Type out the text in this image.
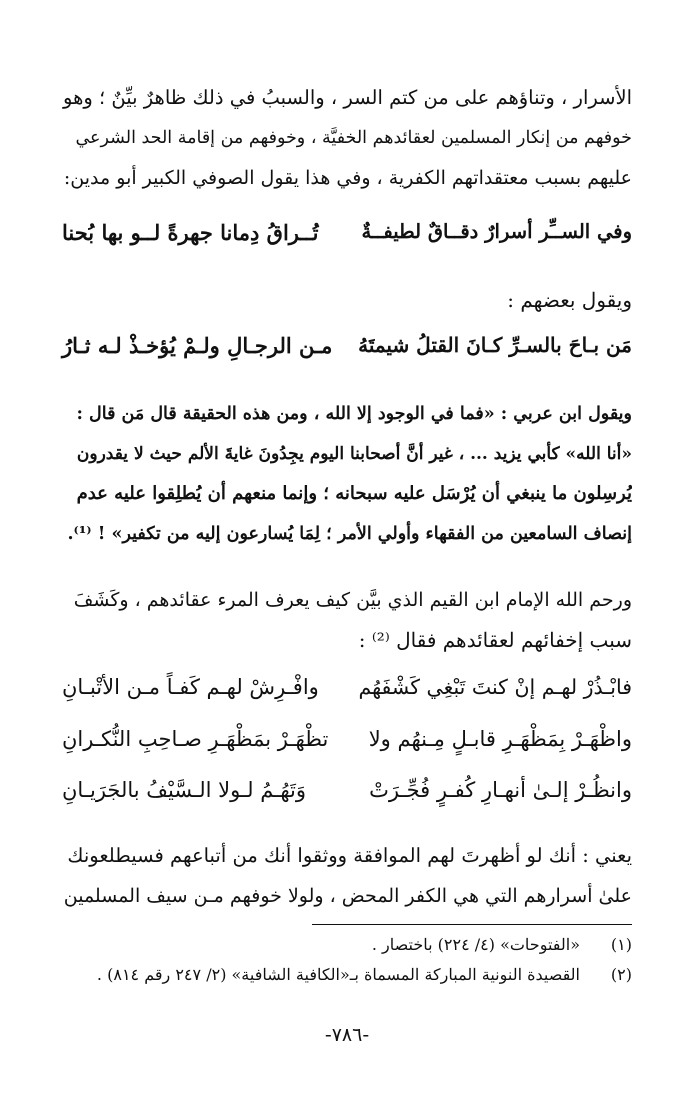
الأسرار ، وتناؤهم على من كتم السر ، والسببُ في ذلك ظاهرٌ بيِّنٌ ؛ وهو
خوفهم من إنكار المسلمين لعقائدهم الخفيَّة ، وخوفهم من إقامة الحد الشرعي
عليهم بسبب معتقداتهم الكفرية ، وفي هذا يقول الصوفي الكبير أبو مدين:
وفي الســِّر أسرارٌ دقــاقٌ لطيفــةٌ
تُــراقُ دِمانا جهرةً لــو بها بُحنا
ويقول بعضهم :
مَن بـاحَ بالسـرِّ كـانَ القتلُ شيمتَهُ
مـن الرجـالِ ولـمْ يُؤخـذْ لـه ثـارُ
ويقول ابن عربي : «فما في الوجود إلا الله ، ومن هذه الحقيقة قال مَن قال :
«أنا الله» كأبي يزيد ... ، غير أنَّ أصحابنا اليوم يجِدُونَ غايةَ الألم حيث لا يقدرون
يُرسِلون ما ينبغي أن يُرْسَل عليه سبحانه ؛ وإنما منعهم أن يُطلِقوا عليه عدم
إنصاف السامعين من الفقهاء وأولي الأمر ؛ لِمَا يُسارعون إليه من تكفير» ! ⁽¹⁾.
ورحم الله الإمام ابن القيم الذي بيَّن كيف يعرف المرء عقائدهم ، وكَشَفَ
سبب إخفائهم لعقائدهم فقال ⁽²⁾ :
فابْـذُرْ لهـم إنْ كنتَ تَبْغِي كَشْفَهُم
وافْـرِشْ لهـم كَفـاً مـن الأتْبـانِ
واظْهَـرْ بِمَظْهَـرِ قابـلٍ مِـنهُم ولا
تظْهَـرْ بمَظْهَـرِ صـاحِبِ النُّكـرانِ
وانظُـرْ إلـىٰ أنهـارِ كُفـرٍ فُجِّـرَتْ
وَتَهُـمُ لـولا الـسَّيْفُ بالجَرَيـانِ
يعني : أنك لو أظهرتَ لهم الموافقة ووثقوا أنك من أتباعهم فسيطلعونك
علىٰ أسرارهم التي هي الكفر المحض ، ولولا خوفهم مـن سيف المسلمين
(١)«الفتوحات» (٤/ ٢٢٤) باختصار .
(٢)القصيدة النونية المباركة المسماة بـ«الكافية الشافية» (٢/ ٢٤٧ رقم ٨١٤) .
-٧٨٦-
